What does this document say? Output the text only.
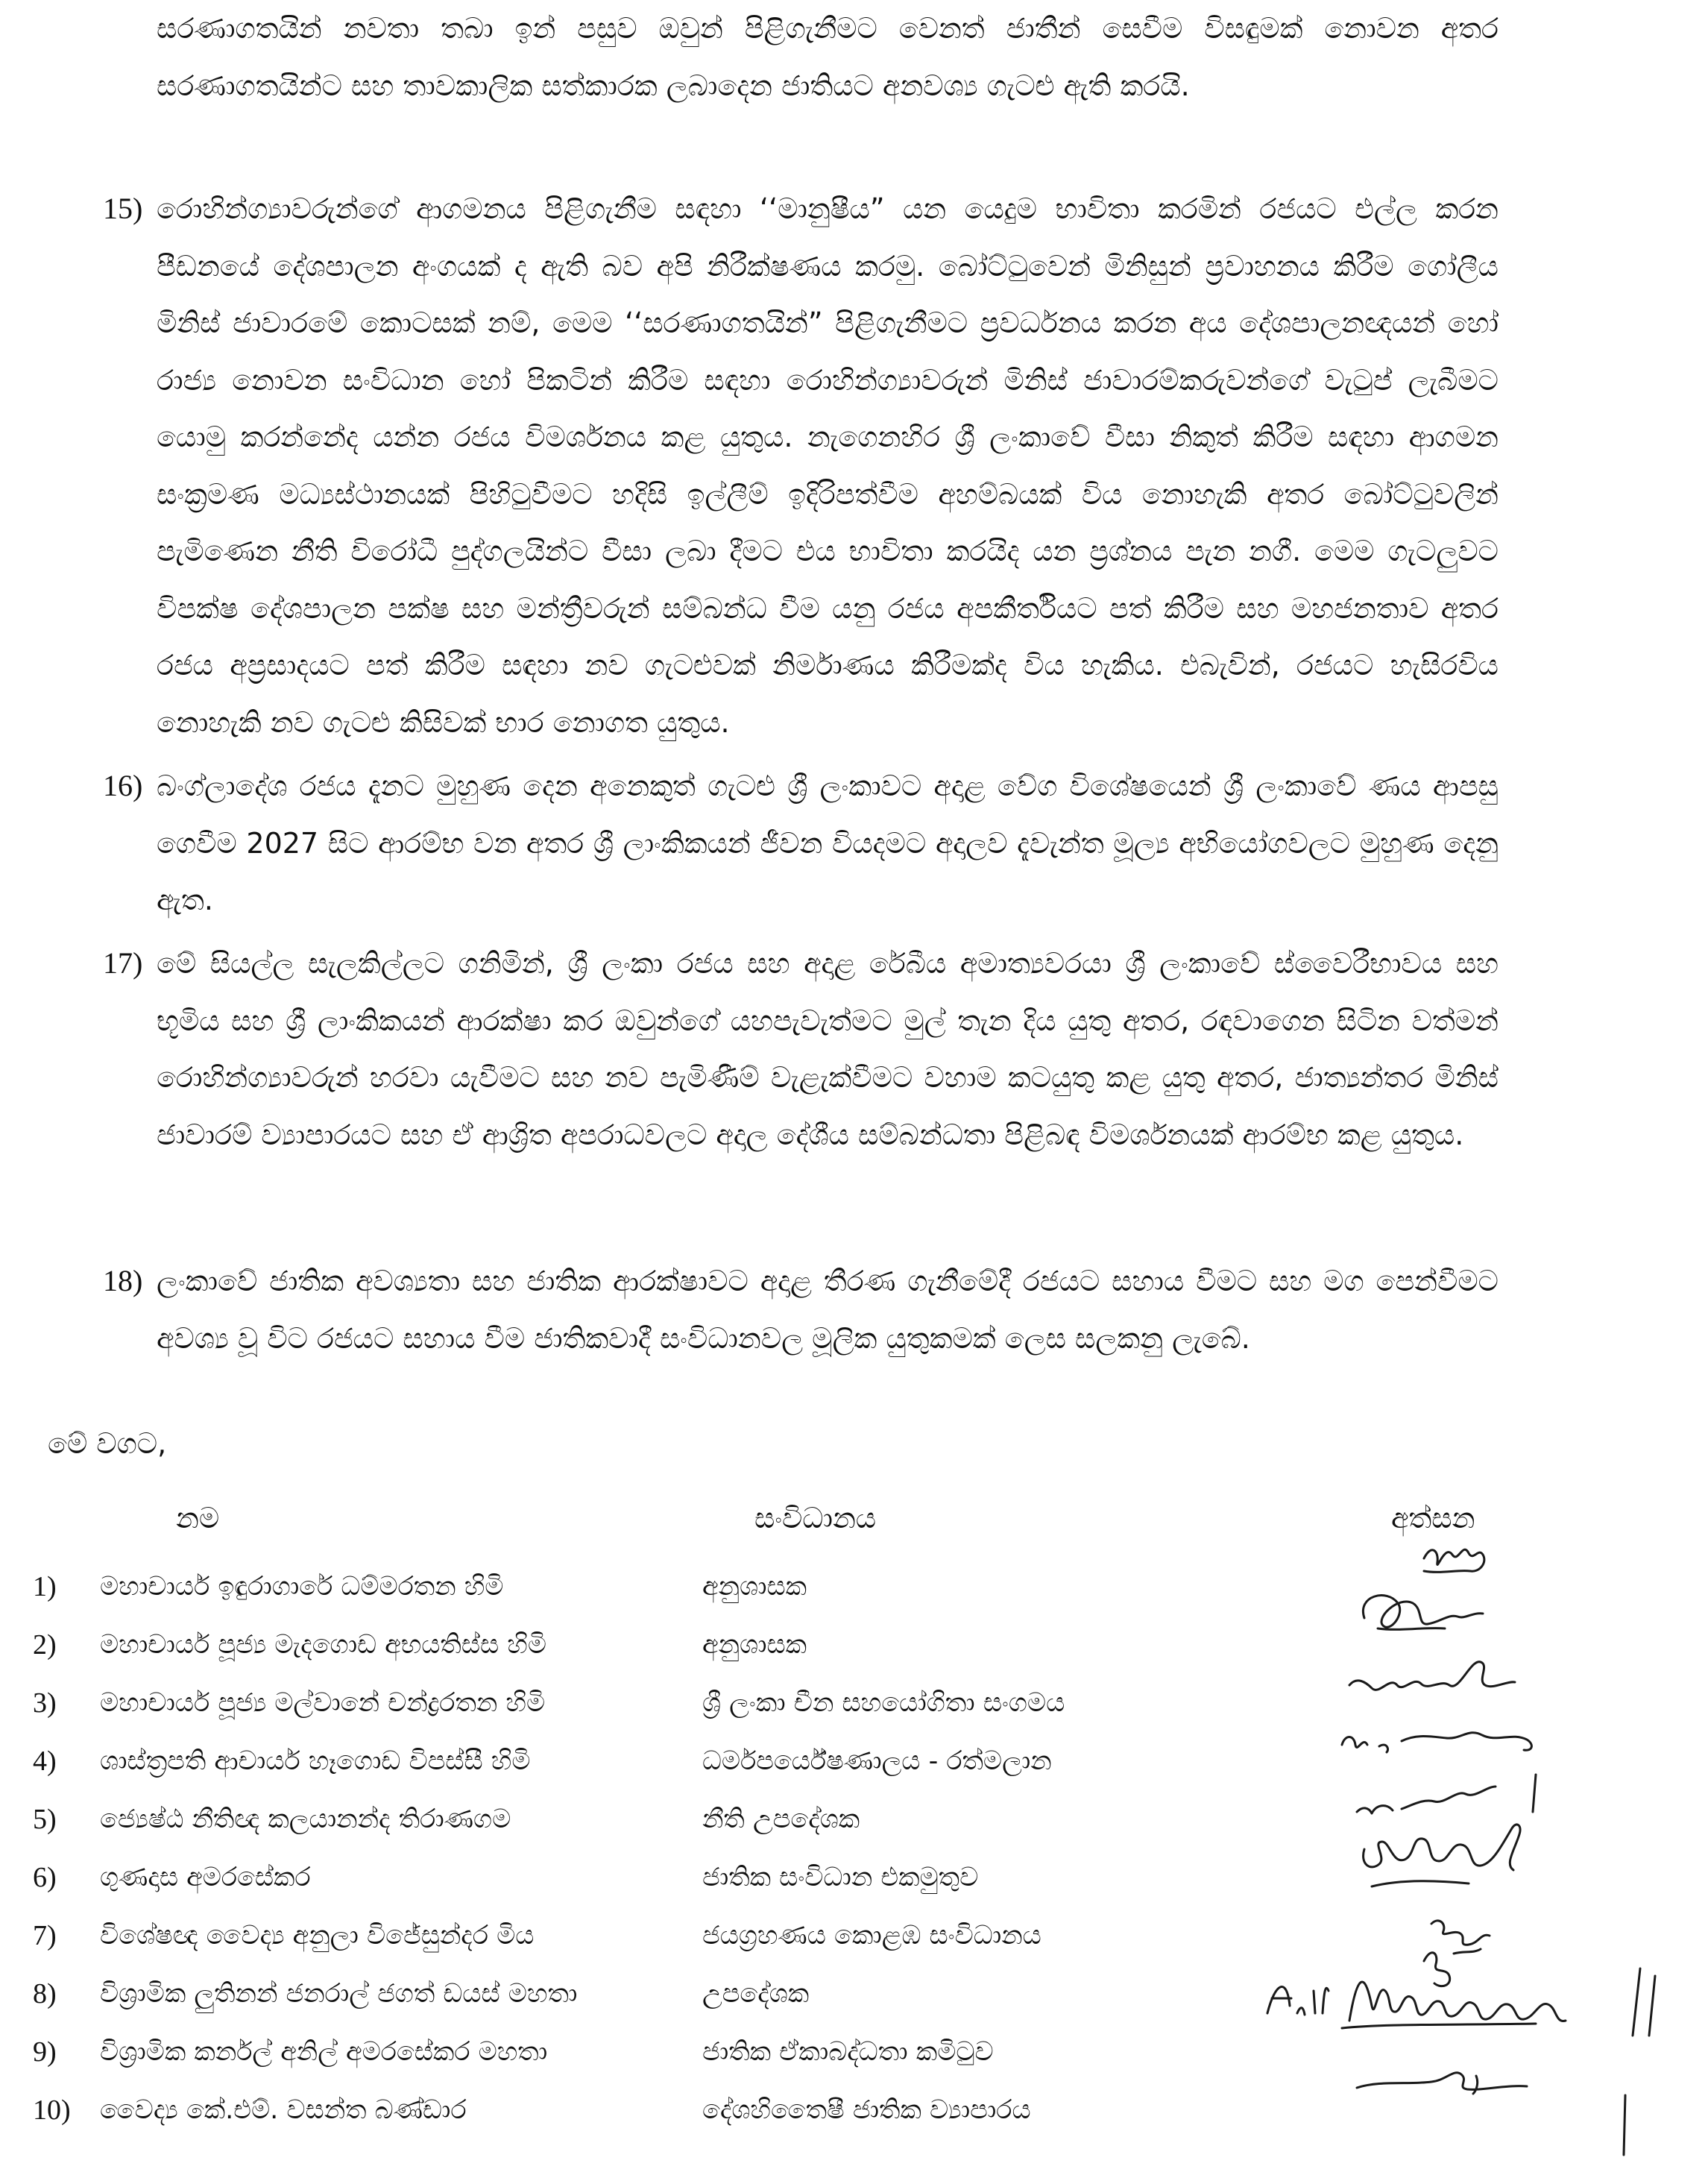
සරණාගතයින් නවතා තබා ඉන් පසුව ඔවුන් පිළිගැනීමට වෙනත් ජාතීන් සෙවීම විසඳුමක් නොවන අතර සරණාගතයින්ට සහ තාවකාලික සත්කාරක ලබාදෙන ජාතියට අනවශ්‍ය ගැටළු ඇති කරයි.

15) රොහින්ග්‍යාවරුන්ගේ ආගමනය පිළිගැනීම සඳහා ‘‘මානුෂීය” යන යෙදුම භාවිතා කරමින් රජයට එල්ල කරන පීඩනයේ දේශපාලන අංගයක් ද ඇති බව අපි නිරීක්ෂණය කරමු. බෝට්ටුවෙන් මිනිසුන් ප්‍රවාහනය කිරීම ගෝලීය මිනිස් ජාවාරමේ කොටසක් නම්, මෙම ‘‘සරණාගතයින්” පිළිගැනීමට ප්‍රවර්ධනය කරන අය දේශපාලනඥයන් හෝ රාජ්‍ය නොවන සංවිධාන හෝ පිකටින් කිරීම සඳහා රොහින්ග්‍යාවරුන් මිනිස් ජාවාරම්කරුවන්ගේ වැටුප් ලැබීමට යොමු කරන්නේද යන්න රජය විමර්ශනය කළ යුතුය. නැගෙනහිර ශ්‍රී ලංකාවේ වීසා නිකුත් කිරීම සඳහා ආගමන සංක්‍රමණ මධ්‍යස්ථානයක් පිහිටුවීමට හදිසි ඉල්ලීම් ඉදිරිපත්වීම අහම්බයක් විය නොහැකි අතර බෝට්ටුවලින් පැමිණෙන නීති විරෝධී පුද්ගලයින්ට වීසා ලබා දීමට එය භාවිතා කරයිද යන ප්‍රශ්නය පැන නගී. මෙම ගැටලුවට විපක්ෂ දේශපාලන පක්ෂ සහ මන්ත්‍රීවරුන් සම්බන්ධ වීම යනු රජය අපකීර්තියට පත් කිරීම සහ මහජනතාව අතර රජය අප්‍රසාදයට පත් කිරීම සඳහා නව ගැටළුවක් නිර්මාණය කිරීමක්ද විය හැකිය. එබැවින්, රජයට හැසිරවිය නොහැකි නව ගැටළු කිසිවක් භාර නොගත යුතුය.

16) බංග්ලාදේශ රජය දැනට මුහුණ දෙන අනෙකුත් ගැටළු ශ්‍රී ලංකාවට අදාළ වේග විශේෂයෙන් ශ්‍රී ලංකාවේ ණය ආපසු ගෙවීම 2027 සිට ආරම්භ වන අතර ශ්‍රී ලාංකිකයන් ජීවන වියදමට අදාලව දැවැන්ත මූල්‍ය අභියෝගවලට මුහුණ දෙනු ඇත.

17) මේ සියල්ල සැලකිල්ලට ගනිමින්, ශ්‍රී ලංකා රජය සහ අදාළ රේබීය අමාත්‍යවරයා ශ්‍රී ලංකාවේ ස්වෛරීභාවය සහ භූමිය සහ ශ්‍රී ලාංකිකයන් ආරක්ෂා කර ඔවුන්ගේ යහපැවැත්මට මුල් තැන දිය යුතු අතර, රඳවාගෙන සිටින වත්මන් රොහින්ග්‍යාවරුන් හරවා යැවීමට සහ නව පැමිණීම් වැළැක්වීමට වහාම කටයුතු කළ යුතු අතර, ජාත්‍යන්තර මිනිස් ජාවාරම් ව්‍යාපාරයට සහ ඒ ආශ්‍රිත අපරාධවලට අදාල දේශීය සම්බන්ධතා පිළිබඳ විමර්ශනයක් ආරම්භ කළ යුතුය.

18) ලංකාවේ ජාතික අවශ්‍යතා සහ ජාතික ආරක්ෂාවට අදාළ තීරණ ගැනීමේදී රජයට සහාය වීමට සහ මග පෙන්වීමට අවශ්‍ය වූ විට රජයට සහාය වීම ජාතිකවාදී සංවිධානවල මූලික යුතුකමක් ලෙස සලකනු ලැබේ.

මේ වගට,

නම	සංවිධානය	අත්සන

1) මහාචාර්ය ඉඳුරාගාරේ ධම්මරතන හිමි	අනුශාසක
2) මහාචාර්ය පූජ්‍ය මැදගොඩ අභයතිස්ස හිමි	අනුශාසක
3) මහාචාර්ය පූජ්‍ය මල්වානේ චන්ද්‍රරතන හිමි	ශ්‍රී ලංකා චීන සහයෝගිතා සංගමය
4) ශාස්ත්‍රපති ආචාර්ය හෑගොඩ විපස්සී හිමි	ධර්මපර්යේෂණාලය - රත්මලාන
5) ජ්‍යෙෂ්ඨ නීතිඥ කලයානන්ද තිරාණගම	නීති උපදේශක
6) ගුණදාස අමරසේකර	ජාතික සංවිධාන එකමුතුව
7) විශේෂඥ වෛද්‍ය අනුලා විජේසුන්දර මිය	ජයග්‍රහණය කොළඹ සංවිධානය
8) විශ්‍රාමික ලුතිනන් ජනරාල් ජගත් ඩයස් මහතා	උපදේශක
9) විශ්‍රාමික කර්නල් අනිල් අමරසේකර මහතා	ජාතික ඒකාබද්ධතා කමිටුව
10) වෛද්‍ය කේ.එම්. වසන්ත බණ්ඩාර	දේශහිතෛෂී ජාතික ව්‍යාපාරය
